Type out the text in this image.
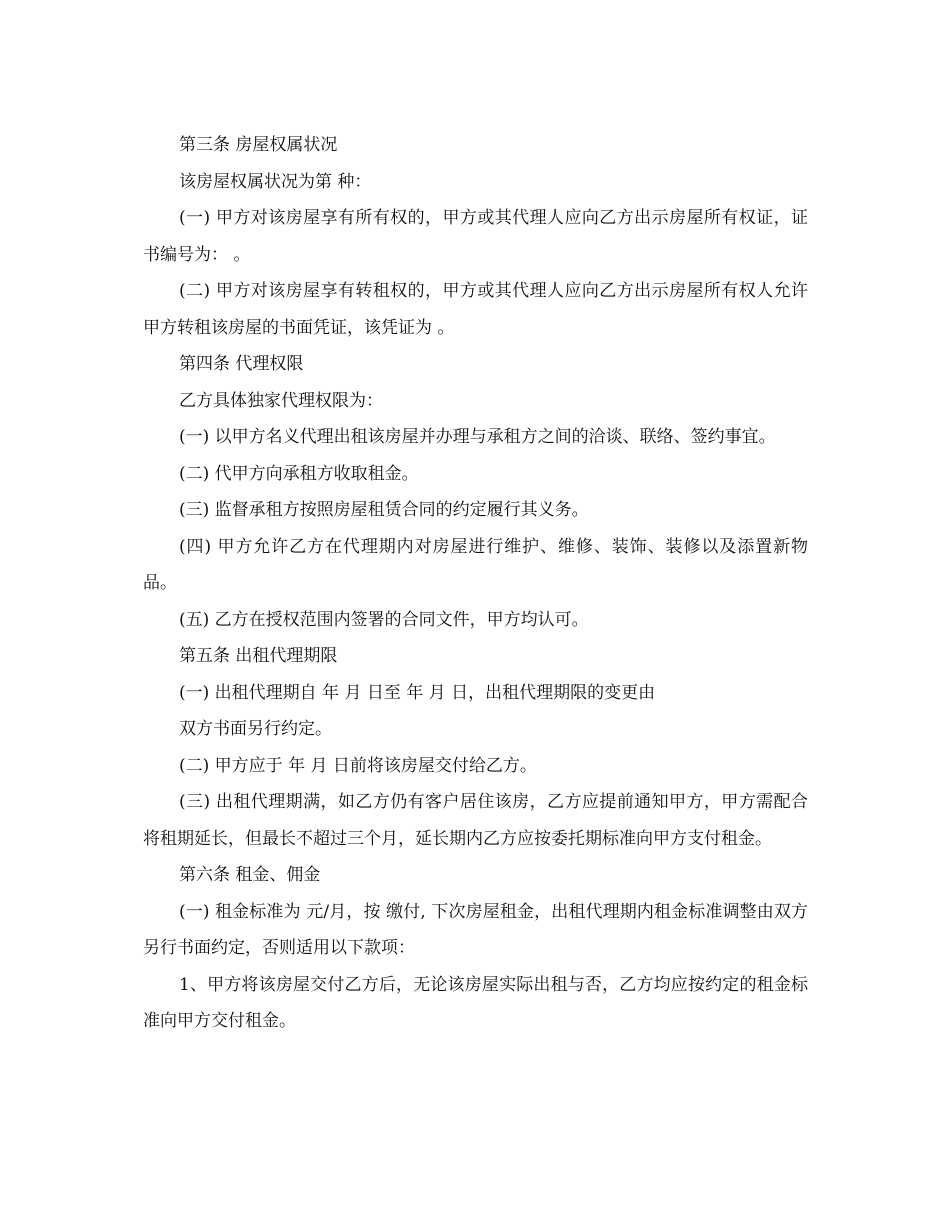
第三条 房屋权属状况

该房屋权属状况为第 种：

(一) 甲方对该房屋享有所有权的，甲方或其代理人应向乙方出示房屋所有权证，证书编号为： 。

(二) 甲方对该房屋享有转租权的，甲方或其代理人应向乙方出示房屋所有权人允许甲方转租该房屋的书面凭证，该凭证为 。

第四条 代理权限

乙方具体独家代理权限为：

(一) 以甲方名义代理出租该房屋并办理与承租方之间的洽谈、联络、签约事宜。

(二) 代甲方向承租方收取租金。

(三) 监督承租方按照房屋租赁合同的约定履行其义务。

(四) 甲方允许乙方在代理期内对房屋进行维护、维修、装饰、装修以及添置新物品。

(五) 乙方在授权范围内签署的合同文件，甲方均认可。

第五条 出租代理期限

(一) 出租代理期自 年 月 日至 年 月 日，出租代理期限的变更由

双方书面另行约定。

(二) 甲方应于 年 月 日前将该房屋交付给乙方。

(三) 出租代理期满，如乙方仍有客户居住该房，乙方应提前通知甲方，甲方需配合将租期延长，但最长不超过三个月，延长期内乙方应按委托期标准向甲方支付租金。

第六条 租金、佣金

(一) 租金标准为 元/月，按 缴付, 下次房屋租金，出租代理期内租金标准调整由双方另行书面约定，否则适用以下款项：

1、甲方将该房屋交付乙方后，无论该房屋实际出租与否，乙方均应按约定的租金标准向甲方交付租金。
